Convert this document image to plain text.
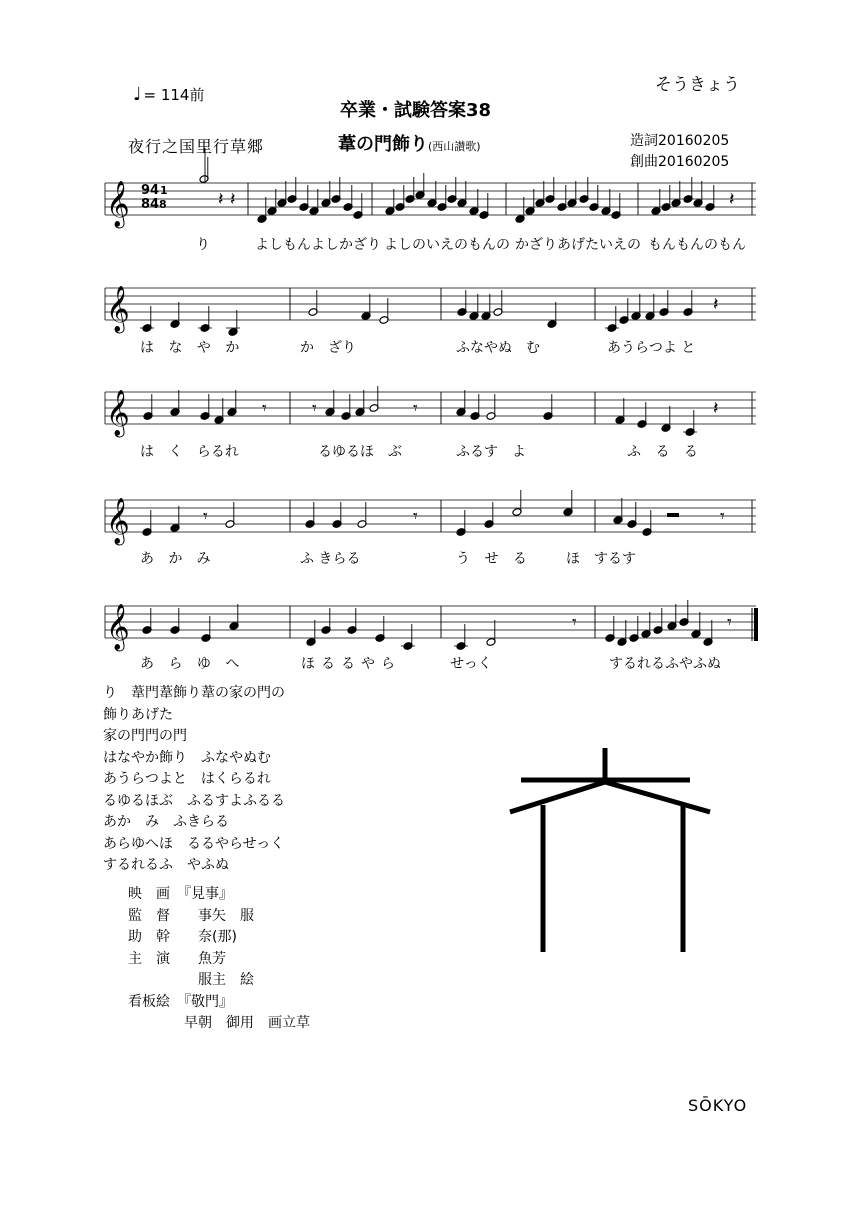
♩ = 114前	そうきょう
卒業・試験答案38
葦の門飾り(西山讃歌)
夜行之国里行草郷	造詞20160205
創曲20160205
𝄞
𝄞
𝄞
𝄞
𝄞
𝄽 𝄽	𝄽
𝄽
𝄾	𝄾	𝄾	𝄽
𝄾	𝄾	𝄾
𝄾	𝄾
9
8
4
4
1
8
り	よしもんよしかざり よしのいえのもんの かざりあげたいえの もんもんのもん
は な や か	か　ざり	ふなやぬ　む	あうらつよ と
は く らるれ	るゆるほ　ぶ	ふるす　よ	ふ る る
あ か　み	ふ きらる	う せ る	ほ　するす
あ ら ゆ へ	ほるるやら	せっく	するれるふやふぬ
り　葦門葦飾り葦の家の門の
飾りあげた
家の門門の門
はなやか飾り　ふなやぬむ
あうらつよと　はくらるれ
るゆるほぶ　ふるすよふるる
あか　み　ふきらる
あらゆへほ　るるやらせっく
するれるふ　やふぬ
映　画　『見事』
監　督　　事矢　服
助　幹　　奈(那)
主　演　　魚芳
　　　　　服主　絵
看板絵　『敬門』
　　　　早朝　御用　画立草
SŌKYO
